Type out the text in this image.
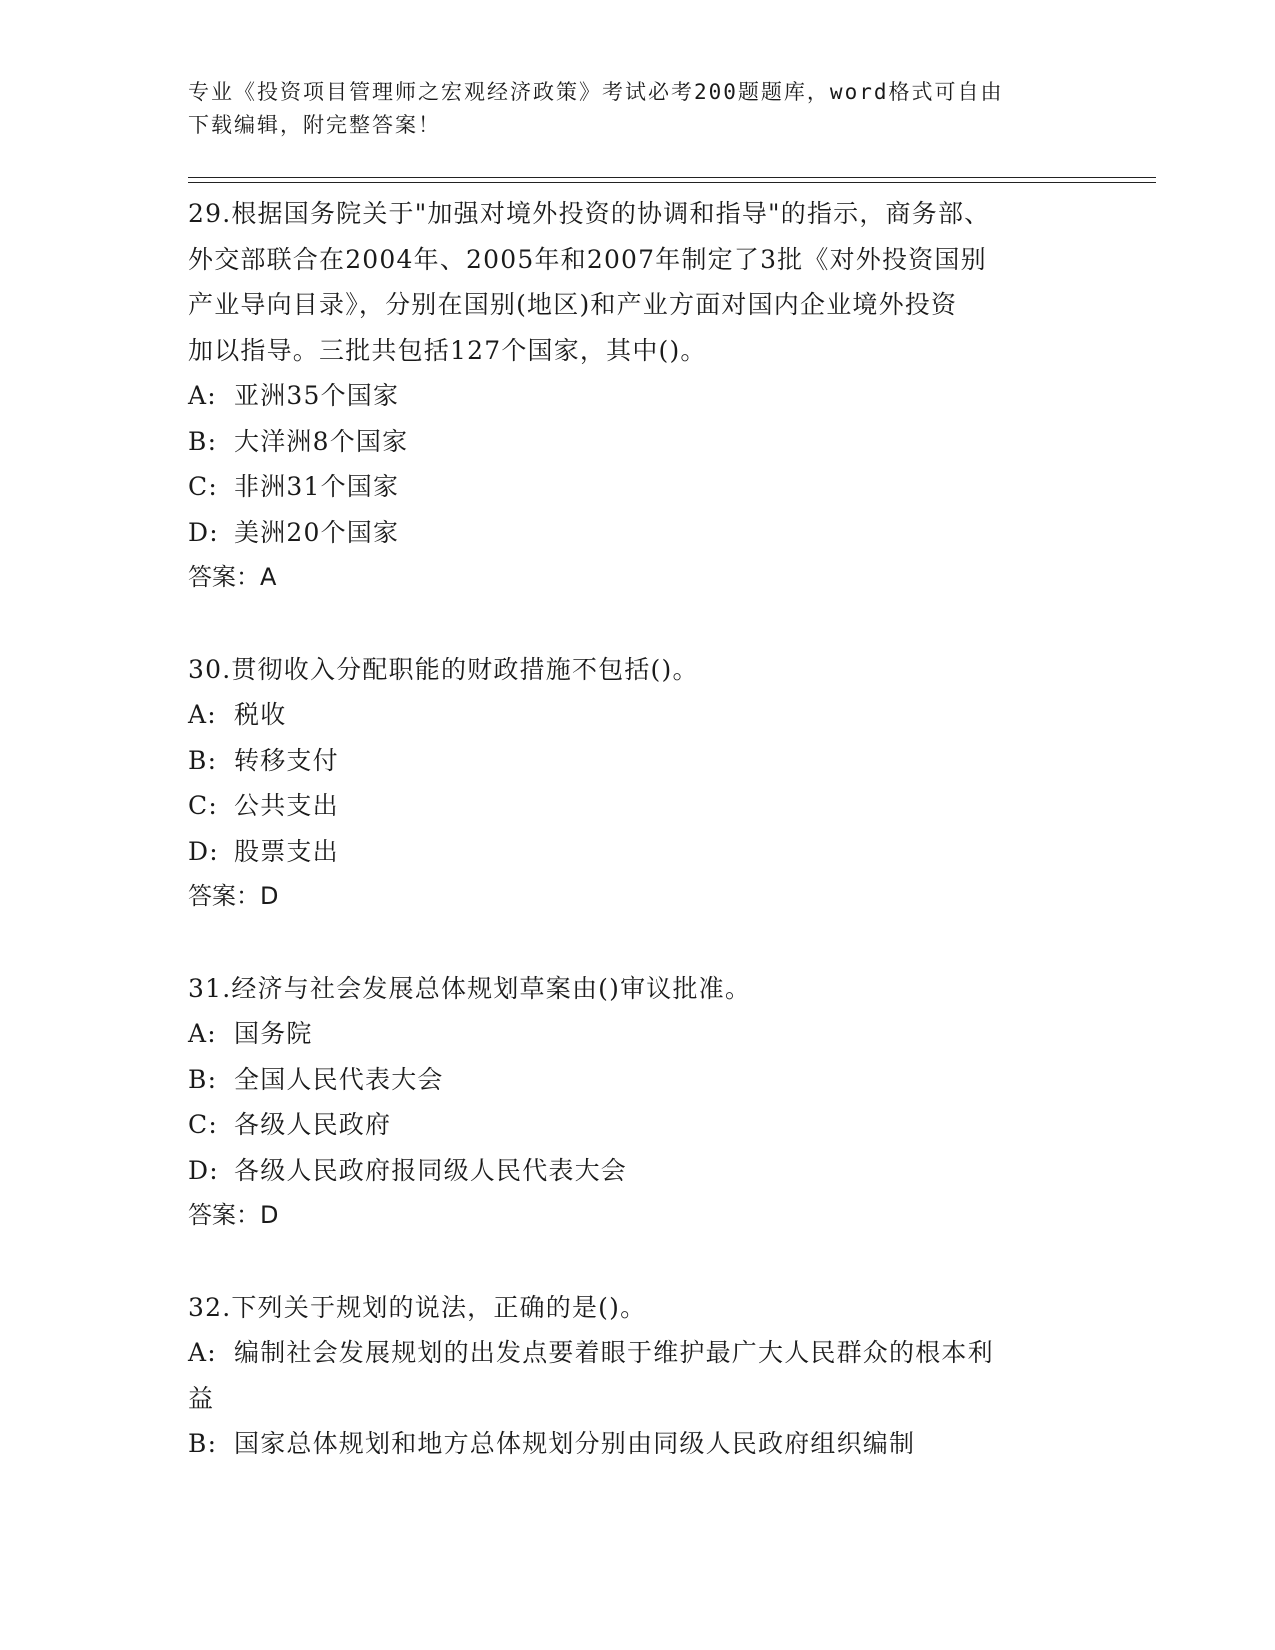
专业《投资项目管理师之宏观经济政策》考试必考200题题库，word格式可自由
下载编辑，附完整答案！
29.根据国务院关于"加强对境外投资的协调和指导"的指示，商务部、
外交部联合在2004年、2005年和2007年制定了3批《对外投资国别
产业导向目录》，分别在国别(地区)和产业方面对国内企业境外投资
加以指导。三批共包括127个国家，其中()。
A: 亚洲35个国家
B: 大洋洲8个国家
C: 非洲31个国家
D: 美洲20个国家
答案：A
30.贯彻收入分配职能的财政措施不包括()。
A: 税收
B: 转移支付
C: 公共支出
D: 股票支出
答案：D
31.经济与社会发展总体规划草案由()审议批准。
A: 国务院
B: 全国人民代表大会
C: 各级人民政府
D: 各级人民政府报同级人民代表大会
答案：D
32.下列关于规划的说法，正确的是()。
A: 编制社会发展规划的出发点要着眼于维护最广大人民群众的根本利
益
B: 国家总体规划和地方总体规划分别由同级人民政府组织编制
